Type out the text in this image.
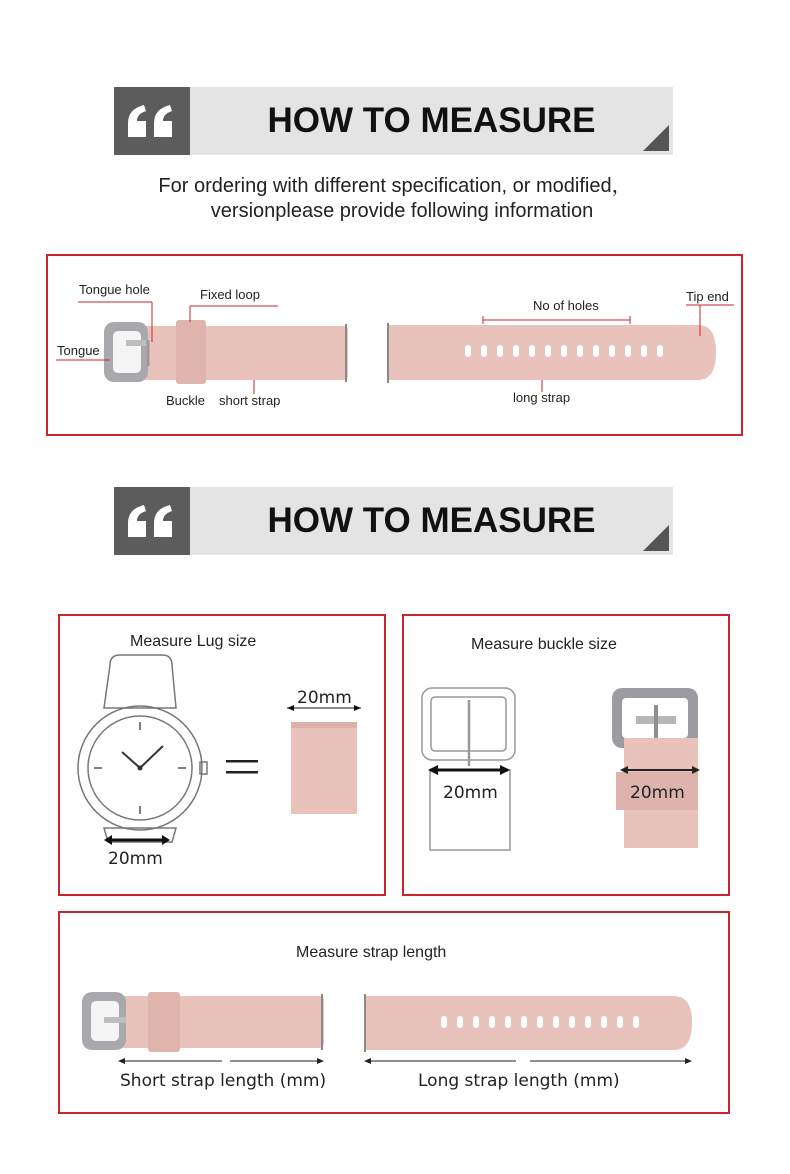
HOW TO MEASURE
For ordering with different specification, or modified，
versionplease provide following information
Tongue hole	Fixed loop
Tongue
Buckle short strap
No of holes
long strap
Tip end
HOW TO MEASURE
Measure Lug size
20mm
20mm
Measure buckle size
20mm	20mm
Measure strap length
Short strap length (mm)	Long strap length (mm)
